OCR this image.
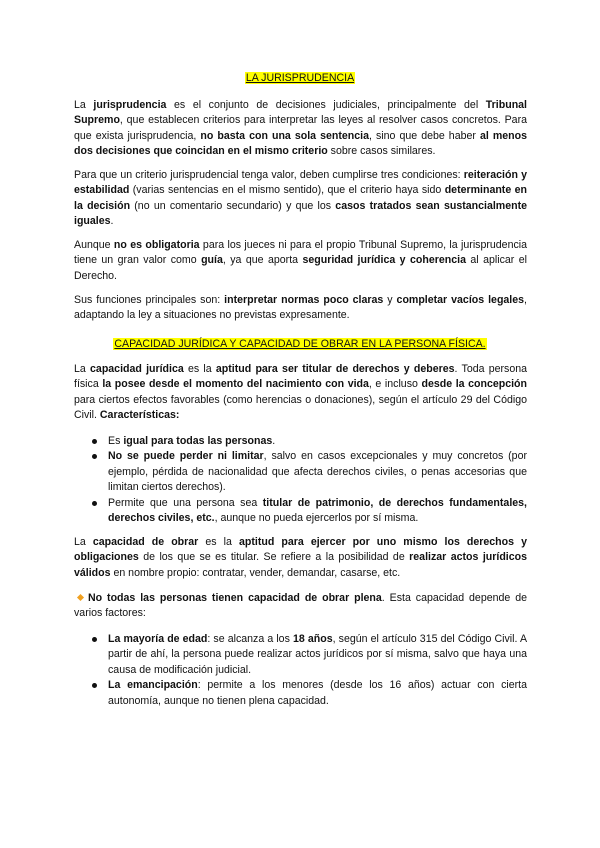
LA JURISPRUDENCIA

La jurisprudencia es el conjunto de decisiones judiciales, principalmente del Tribunal Supremo, que establecen criterios para interpretar las leyes al resolver casos concretos. Para que exista jurisprudencia, no basta con una sola sentencia, sino que debe haber al menos dos decisiones que coincidan en el mismo criterio sobre casos similares.

Para que un criterio jurisprudencial tenga valor, deben cumplirse tres condiciones: reiteración y estabilidad (varias sentencias en el mismo sentido), que el criterio haya sido determinante en la decisión (no un comentario secundario) y que los casos tratados sean sustancialmente iguales.

Aunque no es obligatoria para los jueces ni para el propio Tribunal Supremo, la jurisprudencia tiene un gran valor como guía, ya que aporta seguridad jurídica y coherencia al aplicar el Derecho.

Sus funciones principales son: interpretar normas poco claras y completar vacíos legales, adaptando la ley a situaciones no previstas expresamente.

CAPACIDAD JURÍDICA Y CAPACIDAD DE OBRAR EN LA PERSONA FÍSICA.

La capacidad jurídica es la aptitud para ser titular de derechos y deberes. Toda persona física la posee desde el momento del nacimiento con vida, e incluso desde la concepción para ciertos efectos favorables (como herencias o donaciones), según el artículo 29 del Código Civil. Características:

Es igual para todas las personas.
No se puede perder ni limitar, salvo en casos excepcionales y muy concretos (por ejemplo, pérdida de nacionalidad que afecta derechos civiles, o penas accesorias que limitan ciertos derechos).
Permite que una persona sea titular de patrimonio, de derechos fundamentales, derechos civiles, etc., aunque no pueda ejercerlos por sí misma.

La capacidad de obrar es la aptitud para ejercer por uno mismo los derechos y obligaciones de los que se es titular. Se refiere a la posibilidad de realizar actos jurídicos válidos en nombre propio: contratar, vender, demandar, casarse, etc.

No todas las personas tienen capacidad de obrar plena. Esta capacidad depende de varios factores:

La mayoría de edad: se alcanza a los 18 años, según el artículo 315 del Código Civil. A partir de ahí, la persona puede realizar actos jurídicos por sí misma, salvo que haya una causa de modificación judicial.
La emancipación: permite a los menores (desde los 16 años) actuar con cierta autonomía, aunque no tienen plena capacidad.
